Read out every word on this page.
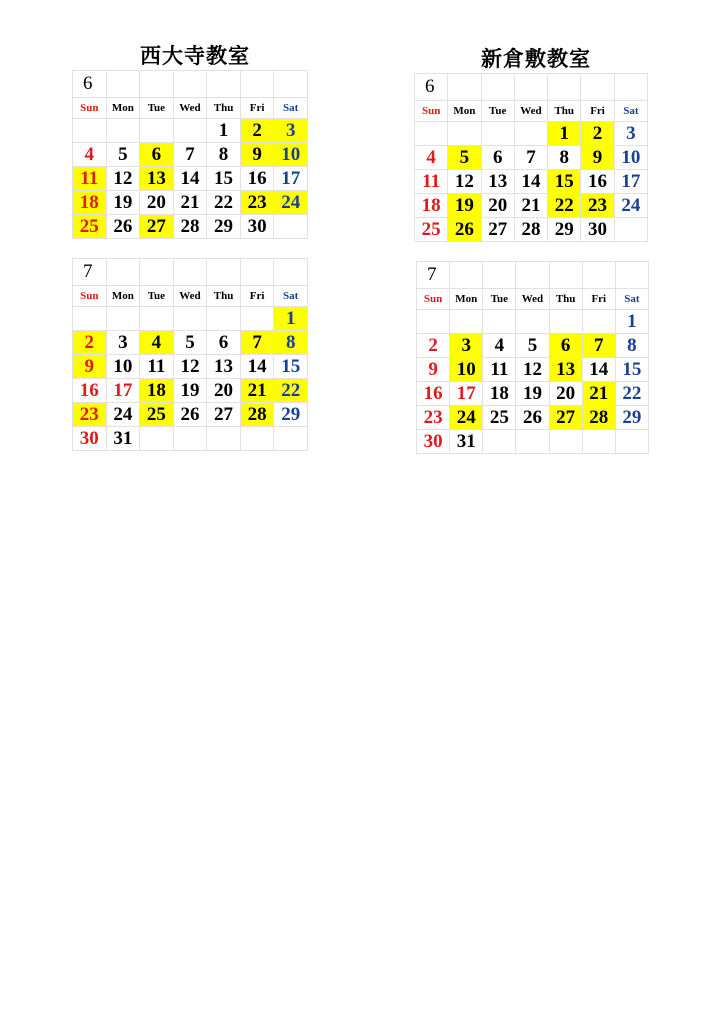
西大寺教室	新倉敷教室
6						
Sun	Mon	Tue	Wed	Thu	Fri	Sat
				1	2	3
4	5	6	7	8	9	10
11	12	13	14	15	16	17
18	19	20	21	22	23	24
25	26	27	28	29	30	
7						
Sun	Mon	Tue	Wed	Thu	Fri	Sat
						1
2	3	4	5	6	7	8
9	10	11	12	13	14	15
16	17	18	19	20	21	22
23	24	25	26	27	28	29
30	31					
6						
Sun	Mon	Tue	Wed	Thu	Fri	Sat
				1	2	3
4	5	6	7	8	9	10
11	12	13	14	15	16	17
18	19	20	21	22	23	24
25	26	27	28	29	30	
7						
Sun	Mon	Tue	Wed	Thu	Fri	Sat
						1
2	3	4	5	6	7	8
9	10	11	12	13	14	15
16	17	18	19	20	21	22
23	24	25	26	27	28	29
30	31					
